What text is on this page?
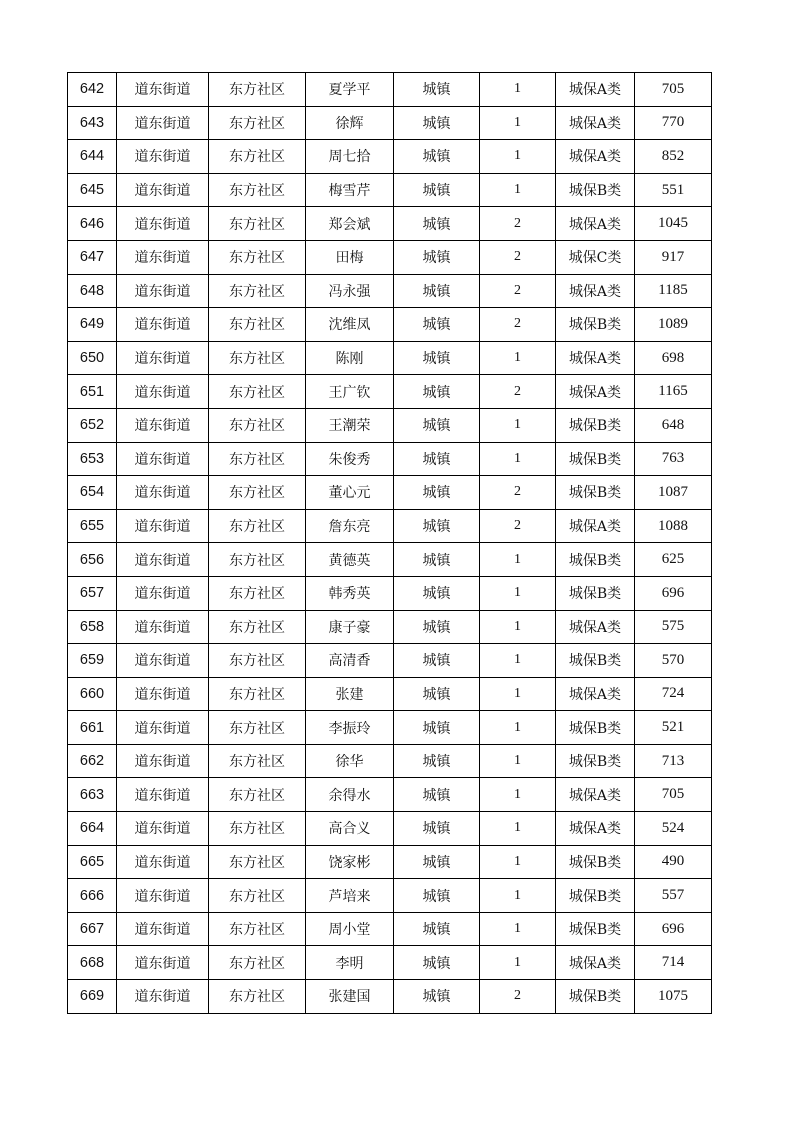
642	道东街道	东方社区	夏学平	城镇	1	城保A类	705
643	道东街道	东方社区	徐辉	城镇	1	城保A类	770
644	道东街道	东方社区	周七拾	城镇	1	城保A类	852
645	道东街道	东方社区	梅雪芹	城镇	1	城保B类	551
646	道东街道	东方社区	郑会斌	城镇	2	城保A类	1045
647	道东街道	东方社区	田梅	城镇	2	城保C类	917
648	道东街道	东方社区	冯永强	城镇	2	城保A类	1185
649	道东街道	东方社区	沈维凤	城镇	2	城保B类	1089
650	道东街道	东方社区	陈刚	城镇	1	城保A类	698
651	道东街道	东方社区	王广钦	城镇	2	城保A类	1165
652	道东街道	东方社区	王潮荣	城镇	1	城保B类	648
653	道东街道	东方社区	朱俊秀	城镇	1	城保B类	763
654	道东街道	东方社区	董心元	城镇	2	城保B类	1087
655	道东街道	东方社区	詹东亮	城镇	2	城保A类	1088
656	道东街道	东方社区	黄德英	城镇	1	城保B类	625
657	道东街道	东方社区	韩秀英	城镇	1	城保B类	696
658	道东街道	东方社区	康子豪	城镇	1	城保A类	575
659	道东街道	东方社区	高清香	城镇	1	城保B类	570
660	道东街道	东方社区	张建	城镇	1	城保A类	724
661	道东街道	东方社区	李振玲	城镇	1	城保B类	521
662	道东街道	东方社区	徐华	城镇	1	城保B类	713
663	道东街道	东方社区	余得水	城镇	1	城保A类	705
664	道东街道	东方社区	高合义	城镇	1	城保A类	524
665	道东街道	东方社区	饶家彬	城镇	1	城保B类	490
666	道东街道	东方社区	芦培来	城镇	1	城保B类	557
667	道东街道	东方社区	周小堂	城镇	1	城保B类	696
668	道东街道	东方社区	李明	城镇	1	城保A类	714
669	道东街道	东方社区	张建国	城镇	2	城保B类	1075
